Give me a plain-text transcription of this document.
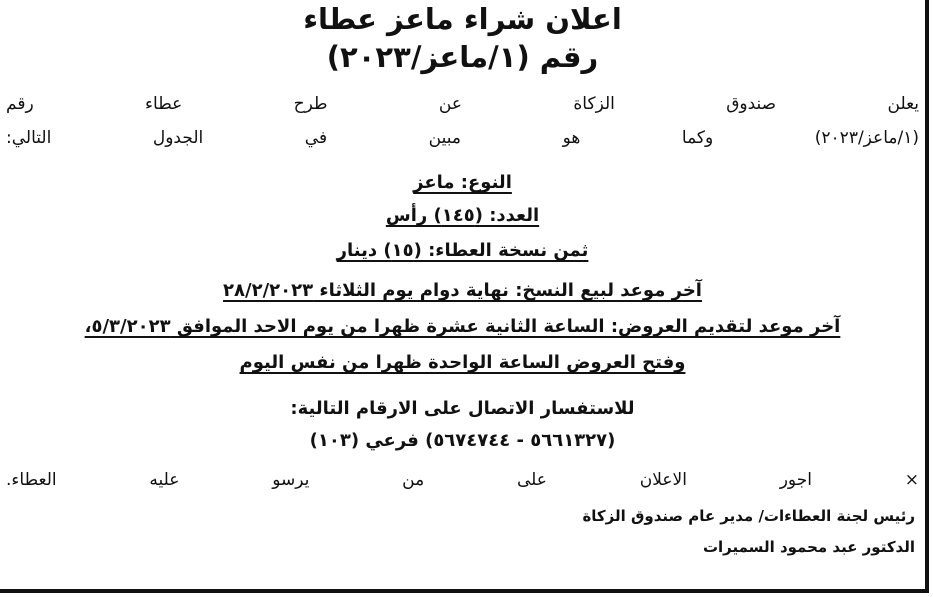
اعلان شراء ماعز عطاء
رقم (١/ماعز/٢٠٢٣)
يعلن صندوق الزكاة عن طرح عطاء رقم
(١/ماعز/٢٠٢٣) وكما هو مبين في الجدول التالي:
النوع: ماعز
العدد: (١٤٥) رأس
ثمن نسخة العطاء: (١٥) دينار
آخر موعد لبيع النسخ: نهاية دوام يوم الثلاثاء ٢٨/٢/٢٠٢٣
آخر موعد لتقديم العروض: الساعة الثانية عشرة ظهرا من يوم الاحد الموافق ٥/٣/٢٠٢٣،
وفتح العروض الساعة الواحدة ظهرا من نفس اليوم
للاستفسار الاتصال على الارقام التالية:
(٥٦٦١٣٢٧ - ٥٦٧٤٧٤٤) فرعي (١٠٣)
× اجور الاعلان على من يرسو عليه العطاء.
رئيس لجنة العطاءات/ مدير عام صندوق الزكاة
الدكتور عبد محمود السميرات
